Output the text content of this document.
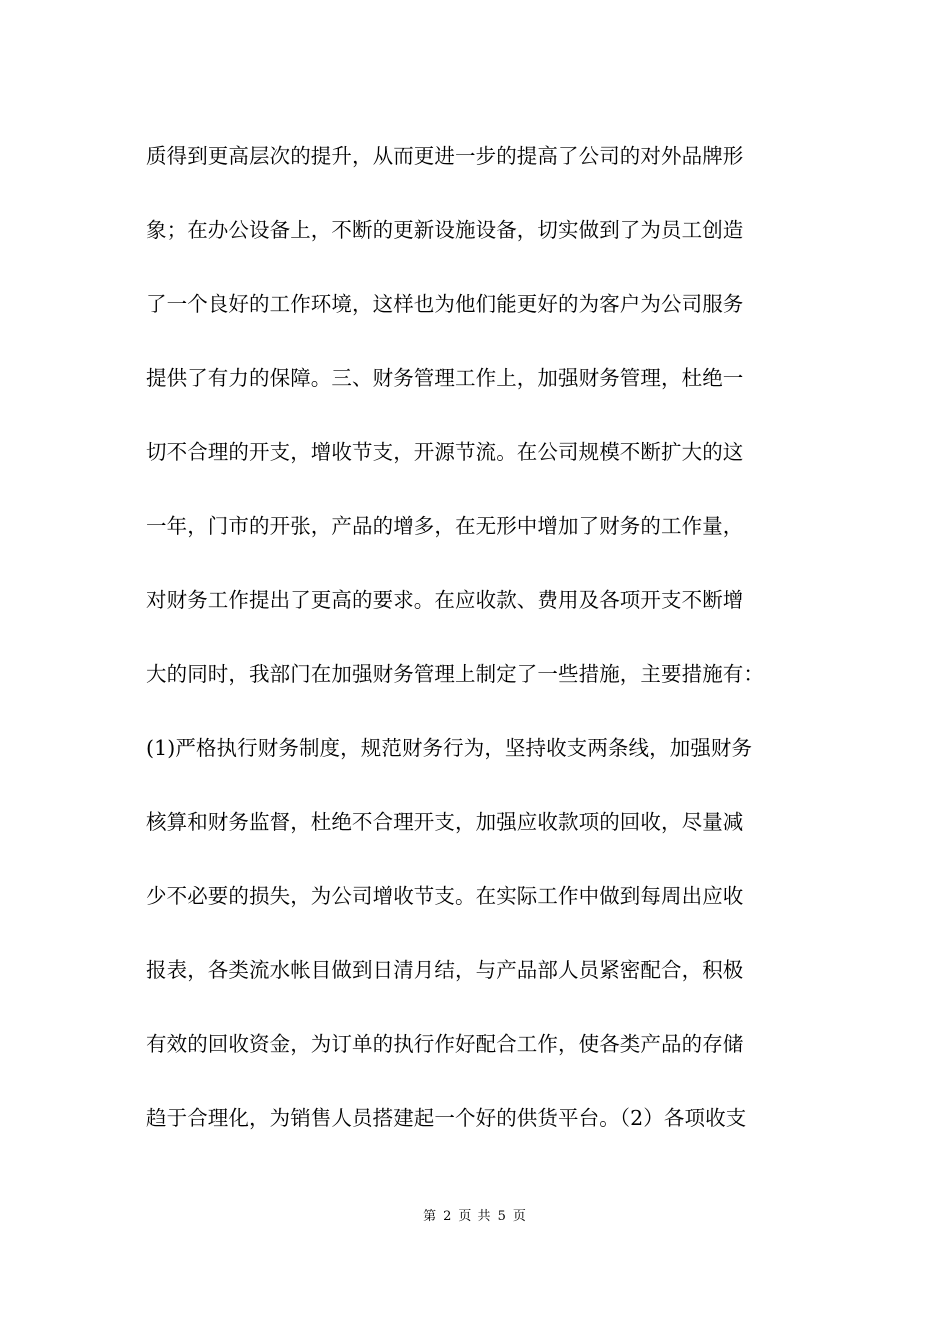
质得到更高层次的提升，从而更进一步的提高了公司的对外品牌形
象；在办公设备上，不断的更新设施设备，切实做到了为员工创造
了一个良好的工作环境，这样也为他们能更好的为客户为公司服务
提供了有力的保障。三、财务管理工作上，加强财务管理，杜绝一
切不合理的开支，增收节支，开源节流。在公司规模不断扩大的这
一年，门市的开张，产品的增多，在无形中增加了财务的工作量，
对财务工作提出了更高的要求。在应收款、费用及各项开支不断增
大的同时，我部门在加强财务管理上制定了一些措施，主要措施有：
(1)严格执行财务制度，规范财务行为，坚持收支两条线，加强财务
核算和财务监督，杜绝不合理开支，加强应收款项的回收，尽量减
少不必要的损失，为公司增收节支。在实际工作中做到每周出应收
报表，各类流水帐目做到日清月结，与产品部人员紧密配合，积极
有效的回收资金，为订单的执行作好配合工作，使各类产品的存储
趋于合理化，为销售人员搭建起一个好的供货平台。（2）各项收支
第 2 页 共 5 页
